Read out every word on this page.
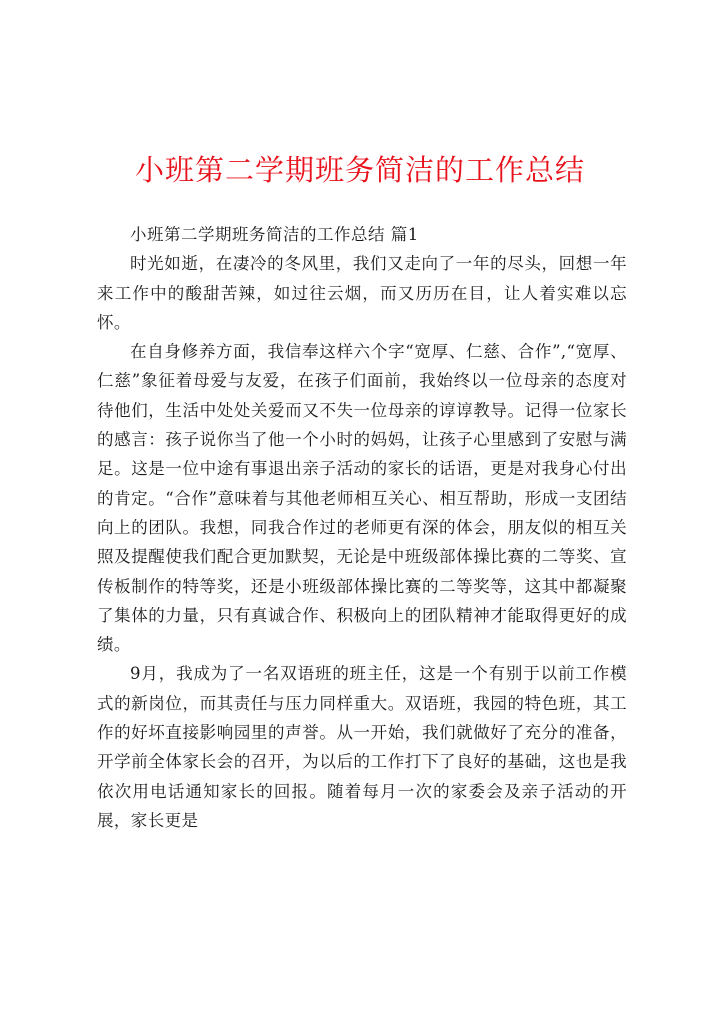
小班第二学期班务简洁的工作总结

小班第二学期班务简洁的工作总结 篇1

时光如逝，在凄冷的冬风里，我们又走向了一年的尽头，回想一年来工作中的酸甜苦辣，如过往云烟，而又历历在目，让人着实难以忘怀。

在自身修养方面，我信奉这样六个字“宽厚、仁慈、合作”,“宽厚、仁慈”象征着母爱与友爱，在孩子们面前，我始终以一位母亲的态度对待他们，生活中处处关爱而又不失一位母亲的谆谆教导。记得一位家长的感言：孩子说你当了他一个小时的妈妈，让孩子心里感到了安慰与满足。这是一位中途有事退出亲子活动的家长的话语，更是对我身心付出的肯定。“合作”意味着与其他老师相互关心、相互帮助，形成一支团结向上的团队。我想，同我合作过的老师更有深的体会，朋友似的相互关照及提醒使我们配合更加默契，无论是中班级部体操比赛的二等奖、宣传板制作的特等奖，还是小班级部体操比赛的二等奖等，这其中都凝聚了集体的力量，只有真诚合作、积极向上的团队精神才能取得更好的成绩。

9月，我成为了一名双语班的班主任，这是一个有别于以前工作模式的新岗位，而其责任与压力同样重大。双语班，我园的特色班，其工作的好坏直接影响园里的声誉。从一开始，我们就做好了充分的准备，开学前全体家长会的召开，为以后的工作打下了良好的基础，这也是我依次用电话通知家长的回报。随着每月一次的家委会及亲子活动的开展，家长更是
